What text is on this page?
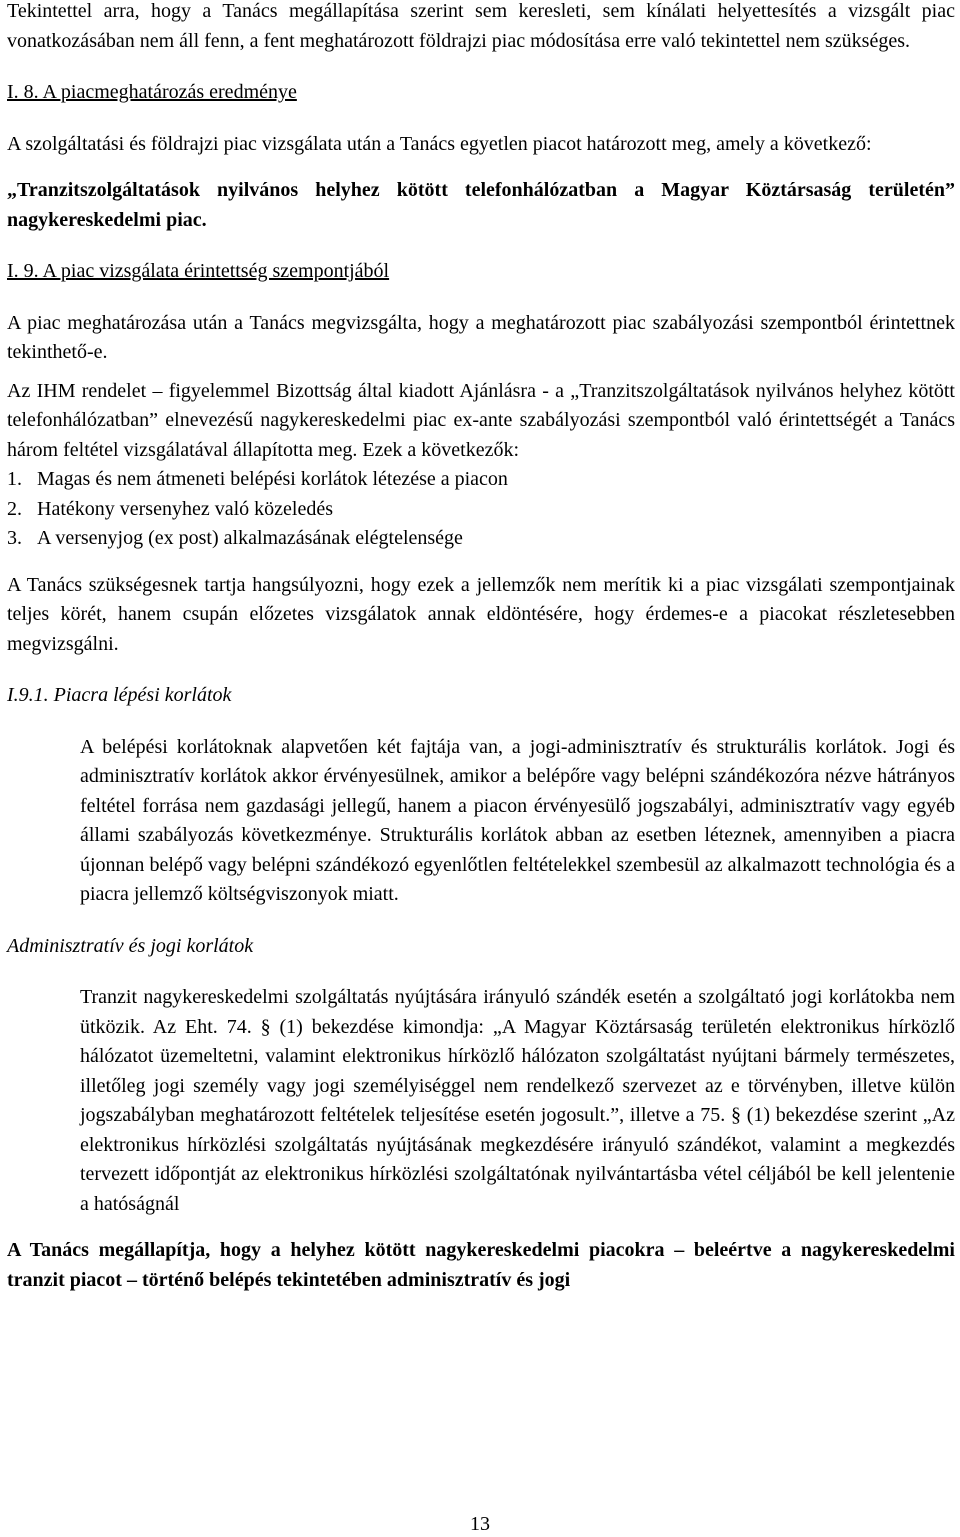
Tekintettel arra, hogy a Tanács megállapítása szerint sem keresleti, sem kínálati helyettesítés a vizsgált piac vonatkozásában nem áll fenn, a fent meghatározott földrajzi piac módosítása erre való tekintettel nem szükséges.

I. 8. A piacmeghatározás eredménye

A szolgáltatási és földrajzi piac vizsgálata után a Tanács egyetlen piacot határozott meg, amely a következő:

„Tranzitszolgáltatások nyilvános helyhez kötött telefonhálózatban a Magyar Köztársaság területén” nagykereskedelmi piac.

I. 9. A piac vizsgálata érintettség szempontjából

A piac meghatározása után a Tanács megvizsgálta, hogy a meghatározott piac szabályozási szempontból érintettnek tekinthető-e.

Az IHM rendelet – figyelemmel Bizottság által kiadott Ajánlásra - a „Tranzitszolgáltatások nyilvános helyhez kötött telefonhálózatban” elnevezésű nagykereskedelmi piac ex-ante szabályozási szempontból való érintettségét a Tanács három feltétel vizsgálatával állapította meg. Ezek a következők:

1. Magas és nem átmeneti belépési korlátok létezése a piacon
2. Hatékony versenyhez való közeledés
3. A versenyjog (ex post) alkalmazásának elégtelensége

A Tanács szükségesnek tartja hangsúlyozni, hogy ezek a jellemzők nem merítik ki a piac vizsgálati szempontjainak teljes körét, hanem csupán előzetes vizsgálatok annak eldöntésére, hogy érdemes-e a piacokat részletesebben megvizsgálni.

I.9.1. Piacra lépési korlátok

A belépési korlátoknak alapvetően két fajtája van, a jogi-adminisztratív és strukturális korlátok. Jogi és adminisztratív korlátok akkor érvényesülnek, amikor a belépőre vagy belépni szándékozóra nézve hátrányos feltétel forrása nem gazdasági jellegű, hanem a piacon érvényesülő jogszabályi, adminisztratív vagy egyéb állami szabályozás következménye. Strukturális korlátok abban az esetben léteznek, amennyiben a piacra újonnan belépő vagy belépni szándékozó egyenlőtlen feltételekkel szembesül az alkalmazott technológia és a piacra jellemző költségviszonyok miatt.

Adminisztratív és jogi korlátok

Tranzit nagykereskedelmi szolgáltatás nyújtására irányuló szándék esetén a szolgáltató jogi korlátokba nem ütközik. Az Eht. 74. § (1) bekezdése kimondja: „A Magyar Köztársaság területén elektronikus hírközlő hálózatot üzemeltetni, valamint elektronikus hírközlő hálózaton szolgáltatást nyújtani bármely természetes, illetőleg jogi személy vagy jogi személyiséggel nem rendelkező szervezet az e törvényben, illetve külön jogszabályban meghatározott feltételek teljesítése esetén jogosult.”, illetve a 75. § (1) bekezdése szerint „Az elektronikus hírközlési szolgáltatás nyújtásának megkezdésére irányuló szándékot, valamint a megkezdés tervezett időpontját az elektronikus hírközlési szolgáltatónak nyilvántartásba vétel céljából be kell jelentenie a hatóságnál

A Tanács megállapítja, hogy a helyhez kötött nagykereskedelmi piacokra – beleértve a nagykereskedelmi tranzit piacot – történő belépés tekintetében adminisztratív és jogi

13
